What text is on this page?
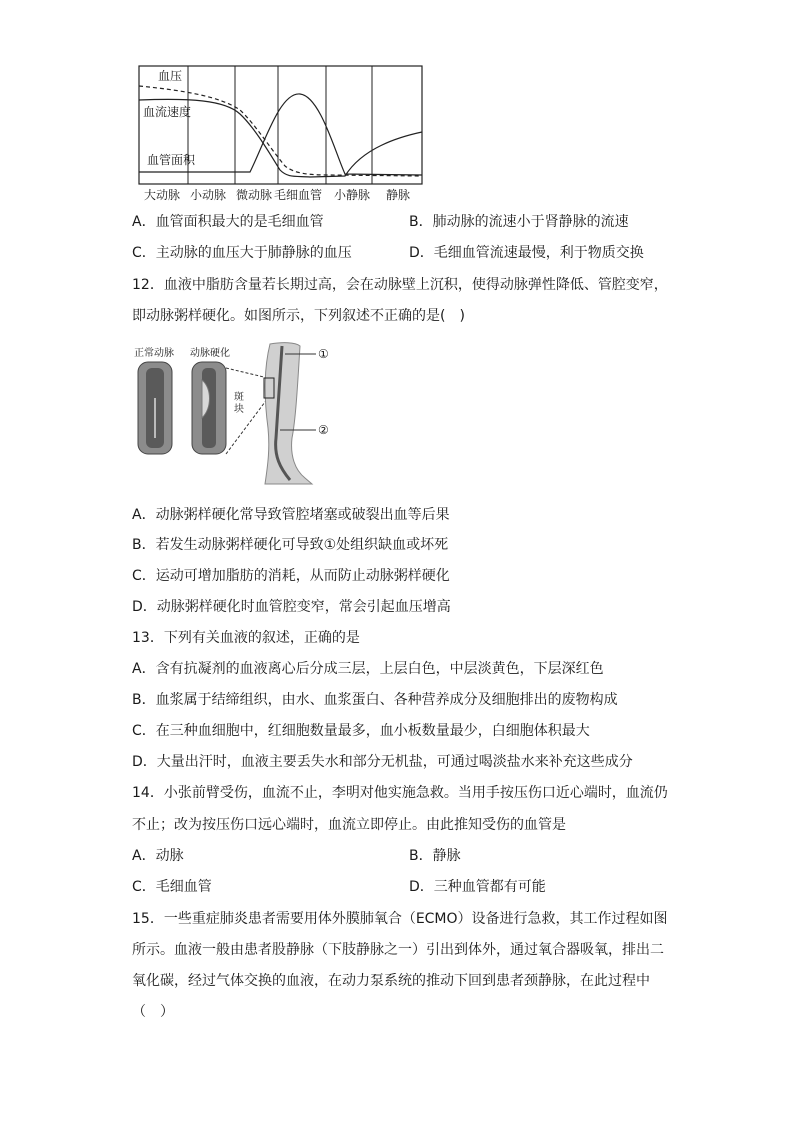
血压
血流速度
血管面积
大动脉 小动脉 微动脉 毛细血管 小静脉 静脉
A．血管面积最大的是毛细血管	B．肺动脉的流速小于肾静脉的流速
C．主动脉的血压大于肺静脉的血压	D．毛细血管流速最慢，利于物质交换
12．血液中脂肪含量若长期过高，会在动脉壁上沉积，使得动脉弹性降低、管腔变窄，
即动脉粥样硬化。如图所示，下列叙述不正确的是(　)
正常动脉 动脉硬化
斑
块
①
②
A．动脉粥样硬化常导致管腔堵塞或破裂出血等后果
B．若发生动脉粥样硬化可导致①处组织缺血或坏死
C．运动可增加脂肪的消耗，从而防止动脉粥样硬化
D．动脉粥样硬化时血管腔变窄，常会引起血压增高
13．下列有关血液的叙述，正确的是
A．含有抗凝剂的血液离心后分成三层，上层白色，中层淡黄色，下层深红色
B．血浆属于结缔组织，由水、血浆蛋白、各种营养成分及细胞排出的废物构成
C．在三种血细胞中，红细胞数量最多，血小板数量最少，白细胞体积最大
D．大量出汗时，血液主要丢失水和部分无机盐，可通过喝淡盐水来补充这些成分
14．小张前臂受伤，血流不止，李明对他实施急救。当用手按压伤口近心端时，血流仍
不止；改为按压伤口远心端时，血流立即停止。由此推知受伤的血管是
A．动脉	B．静脉
C．毛细血管	D．三种血管都有可能
15．一些重症肺炎患者需要用体外膜肺氧合（ECMO）设备进行急救，其工作过程如图
所示。血液一般由患者股静脉（下肢静脉之一）引出到体外，通过氧合器吸氧，排出二
氧化碳，经过气体交换的血液，在动力泵系统的推动下回到患者颈静脉，在此过程中
（　）
